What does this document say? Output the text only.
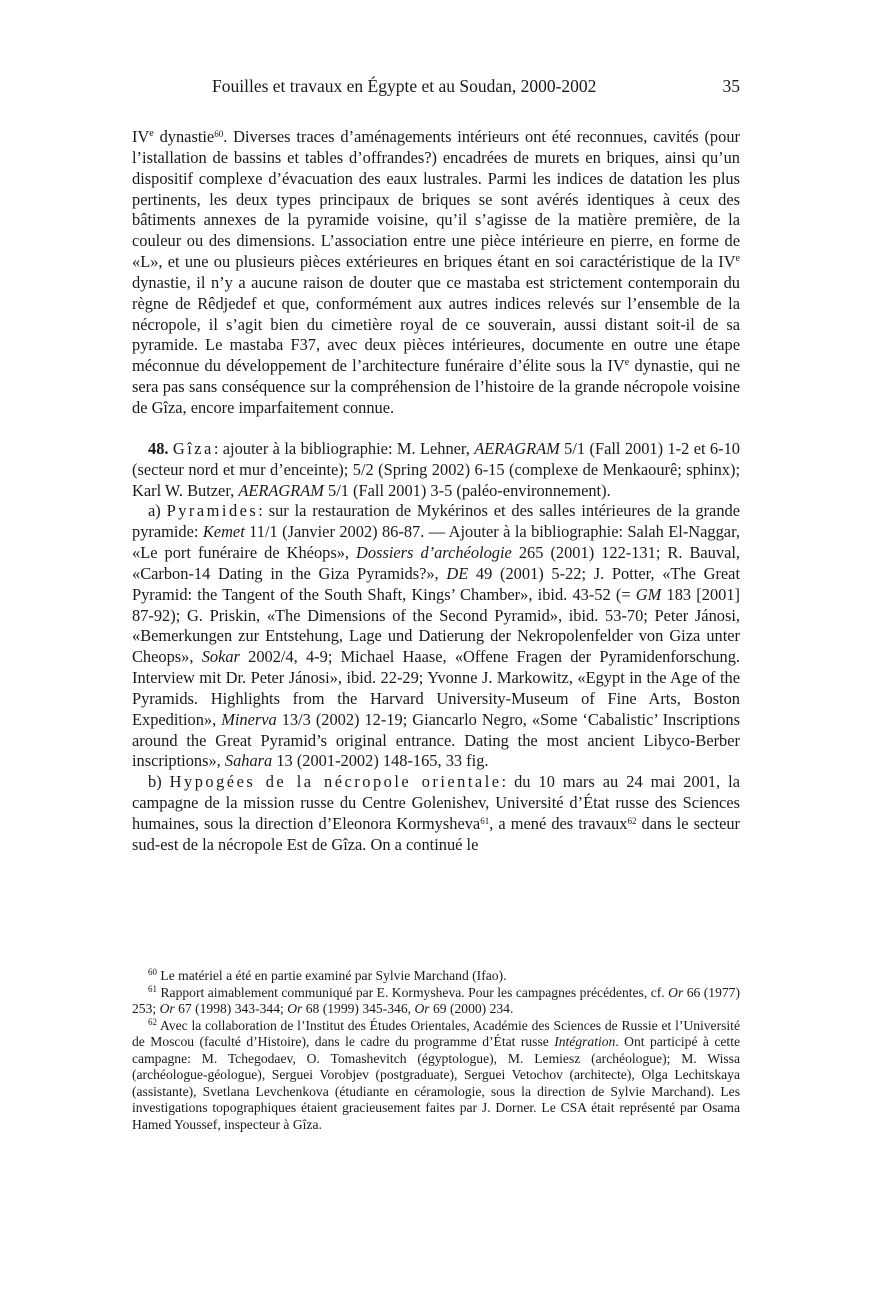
Fouilles et travaux en Égypte et au Soudan, 2000-2002	35

IVe dynastie$^{60}$. Diverses traces d’aménagements intérieurs ont été reconnues, cavités (pour l’istallation de bassins et tables d’offrandes?) encadrées de murets en briques, ainsi qu’un dispositif complexe d’évacuation des eaux lustrales. Parmi les indices de datation les plus pertinents, les deux types principaux de briques se sont avérés identiques à ceux des bâtiments annexes de la pyramide voisine, qu’il s’agisse de la matière première, de la couleur ou des dimensions. L’association entre une pièce intérieure en pierre, en forme de «L», et une ou plusieurs pièces extérieures en briques étant en soi caractéristique de la IVe dynastie, il n’y a aucune raison de douter que ce mastaba est strictement contemporain du règne de Rêdjedef et que, conformément aux autres indices relevés sur l’ensemble de la nécropole, il s’agit bien du cimetière royal de ce souverain, aussi distant soit-il de sa pyramide. Le mastaba F37, avec deux pièces intérieures, documente en outre une étape méconnue du développement de l’architecture funéraire d’élite sous la IVe dynastie, qui ne sera pas sans conséquence sur la compréhension de l’histoire de la grande nécropole voisine de Gîza, encore imparfaitement connue.

48. Gîza: ajouter à la bibliographie: M. Lehner, AERAGRAM 5/1 (Fall 2001) 1-2 et 6-10 (secteur nord et mur d’enceinte); 5/2 (Spring 2002) 6-15 (complexe de Menkaourê; sphinx); Karl W. Butzer, AERAGRAM 5/1 (Fall 2001) 3-5 (paléo-environnement).

a) Pyramides: sur la restauration de Mykérinos et des salles intérieures de la grande pyramide: Kemet 11/1 (Janvier 2002) 86-87. — Ajouter à la bibliographie: Salah El-Naggar, «Le port funéraire de Khéops», Dossiers d’archéologie 265 (2001) 122-131; R. Bauval, «Carbon-14 Dating in the Giza Pyramids?», DE 49 (2001) 5-22; J. Potter, «The Great Pyramid: the Tangent of the South Shaft, Kings’ Chamber», ibid. 43-52 (= GM 183 [2001] 87-92); G. Priskin, «The Dimensions of the Second Pyramid», ibid. 53-70; Peter Jánosi, «Bemerkungen zur Entstehung, Lage und Datierung der Nekropolenfelder von Giza unter Cheops», Sokar 2002/4, 4-9; Michael Haase, «Offene Fragen der Pyramidenforschung. Interview mit Dr. Peter Jánosi», ibid. 22-29; Yvonne J. Markowitz, «Egypt in the Age of the Pyramids. Highlights from the Harvard University-Museum of Fine Arts, Boston Expedition», Minerva 13/3 (2002) 12-19; Giancarlo Negro, «Some ‘Cabalistic’ Inscriptions around the Great Pyramid’s original entrance. Dating the most ancient Libyco-Berber inscriptions», Sahara 13 (2001-2002) 148-165, 33 fig.

b) Hypogées de la nécropole orientale: du 10 mars au 24 mai 2001, la campagne de la mission russe du Centre Golenishev, Université d’État russe des Sciences humaines, sous la direction d’Eleonora Kormysheva$^{61}$, a mené des travaux$^{62}$ dans le secteur sud-est de la nécropole Est de Gîza. On a continué le

$^{60}$ Le matériel a été en partie examiné par Sylvie Marchand (Ifao).

$^{61}$ Rapport aimablement communiqué par E. Kormysheva. Pour les campagnes précédentes, cf. Or 66 (1977) 253; Or 67 (1998) 343-344; Or 68 (1999) 345-346, Or 69 (2000) 234.

$^{62}$ Avec la collaboration de l’Institut des Études Orientales, Académie des Sciences de Russie et l’Université de Moscou (faculté d’Histoire), dans le cadre du programme d’État russe Intégration. Ont participé à cette campagne: M. Tchegodaev, O. Tomashevitch (égyptologue), M. Lemiesz (archéologue); M. Wissa (archéologue-géologue), Serguei Vorobjev (postgraduate), Serguei Vetochov (architecte), Olga Lechitskaya (assistante), Svetlana Levchenkova (étudiante en céramologie, sous la direction de Sylvie Marchand). Les investigations topographiques étaient gracieusement faites par J. Dorner. Le CSA était représenté par Osama Hamed Youssef, inspecteur à Gîza.
